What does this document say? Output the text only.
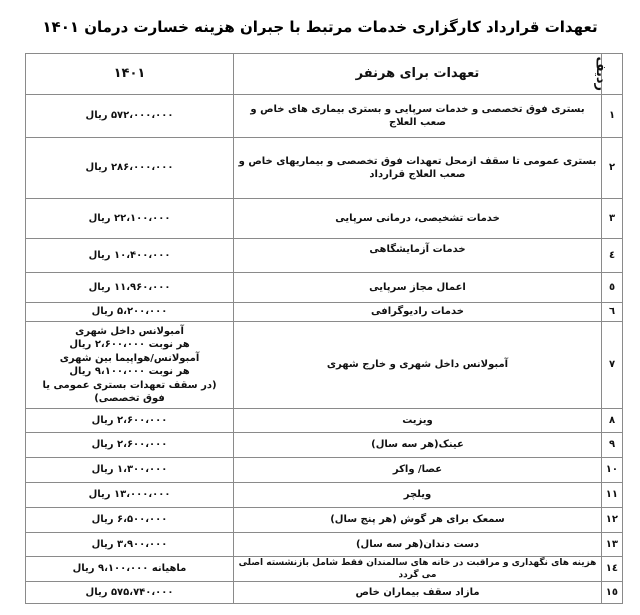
تعهدات قرارداد کارگزاری خدمات مرتبط با جبران هزینه خسارت درمان ۱۴۰۱
ردیف	تعهدات برای هرنفر	۱۴۰۱
۱	بستری فوق تخصصی و خدمات سرپایی و بستری بیماری های خاص و صعب العلاج	۵۷۲،۰۰۰،۰۰۰ ریال
۲	بستری عمومی تا سقف ازمحل تعهدات فوق تخصصی و بیماریهای خاص و صعب العلاج قرارداد	۲۸۶،۰۰۰،۰۰۰ ریال
۳	خدمات تشخیصی، درمانی سرپایی	۲۲،۱۰۰،۰۰۰ ریال
٤	خدمات آزمایشگاهی	۱۰،۴۰۰،۰۰۰ ریال
٥	اعمال مجاز سرپایی	۱۱،۹۶۰،۰۰۰ ریال
٦	خدمات رادیوگرافی	۵،۲۰۰،۰۰۰ ریال
۷	آمبولانس داخل شهری و خارج شهری	آمبولانس داخل شهری
هر نوبت ۲،۶۰۰،۰۰۰ ریال
آمبولانس/هواپیما بین شهری
هر نوبت ۹،۱۰۰،۰۰۰ ریال
(در سقف تعهدات بستری عمومی یا فوق تخصصی)

۸	ویزیت	۲،۶۰۰،۰۰۰ ریال
۹	عینک(هر سه سال)	۲،۶۰۰،۰۰۰ ریال
۱۰	عصا/ واکر	۱،۳۰۰،۰۰۰ ریال
۱۱	ویلچر	۱۳،۰۰۰،۰۰۰ ریال
۱۲	سمعک برای هر گوش (هر پنج سال)	۶،۵۰۰،۰۰۰ ریال
۱۳	دست دندان(هر سه سال)	۳،۹۰۰،۰۰۰ ریال
۱٤	هزینه های نگهداری و مراقبت در خانه های سالمندان فقط شامل بازنشسته اصلی می گردد	ماهیانه ۹،۱۰۰،۰۰۰ ریال
۱٥	مازاد سقف بیماران خاص	۵۷۵،۷۴۰،۰۰۰ ریال
